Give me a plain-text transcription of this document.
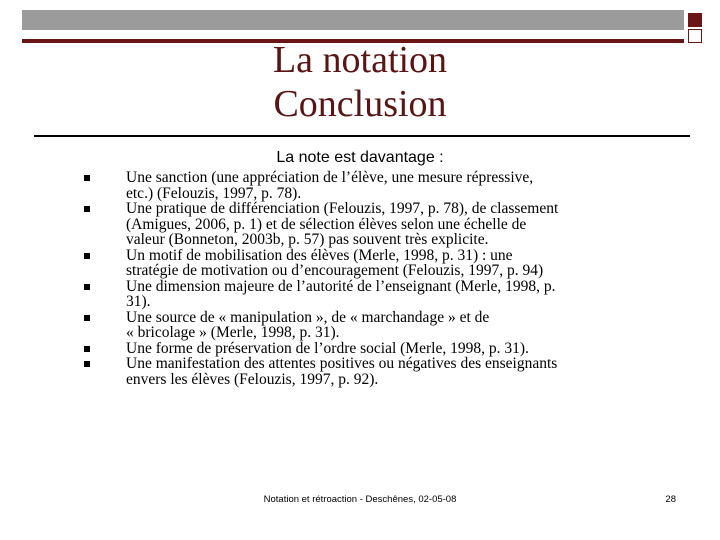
La notation
Conclusion
La note est davantage :
Une sanction (une appréciation de l’élève, une mesure répressive,
etc.) (Felouzis, 1997, p. 78).
Une pratique de différenciation (Felouzis, 1997, p. 78), de classement
(Amigues, 2006, p. 1) et de sélection élèves selon une échelle de
valeur (Bonneton, 2003b, p. 57) pas souvent très explicite.
Un motif de mobilisation des élèves (Merle, 1998, p. 31) : une
stratégie de motivation ou d’encouragement (Felouzis, 1997, p. 94)
Une dimension majeure de l’autorité de l’enseignant (Merle, 1998, p.
31).
Une source de « manipulation », de « marchandage » et de
« bricolage » (Merle, 1998, p. 31).
Une forme de préservation de l’ordre social (Merle, 1998, p. 31).
Une manifestation des attentes positives ou négatives des enseignants
envers les élèves (Felouzis, 1997, p. 92).
Notation et rétroaction - Deschênes, 02-05-08	28
